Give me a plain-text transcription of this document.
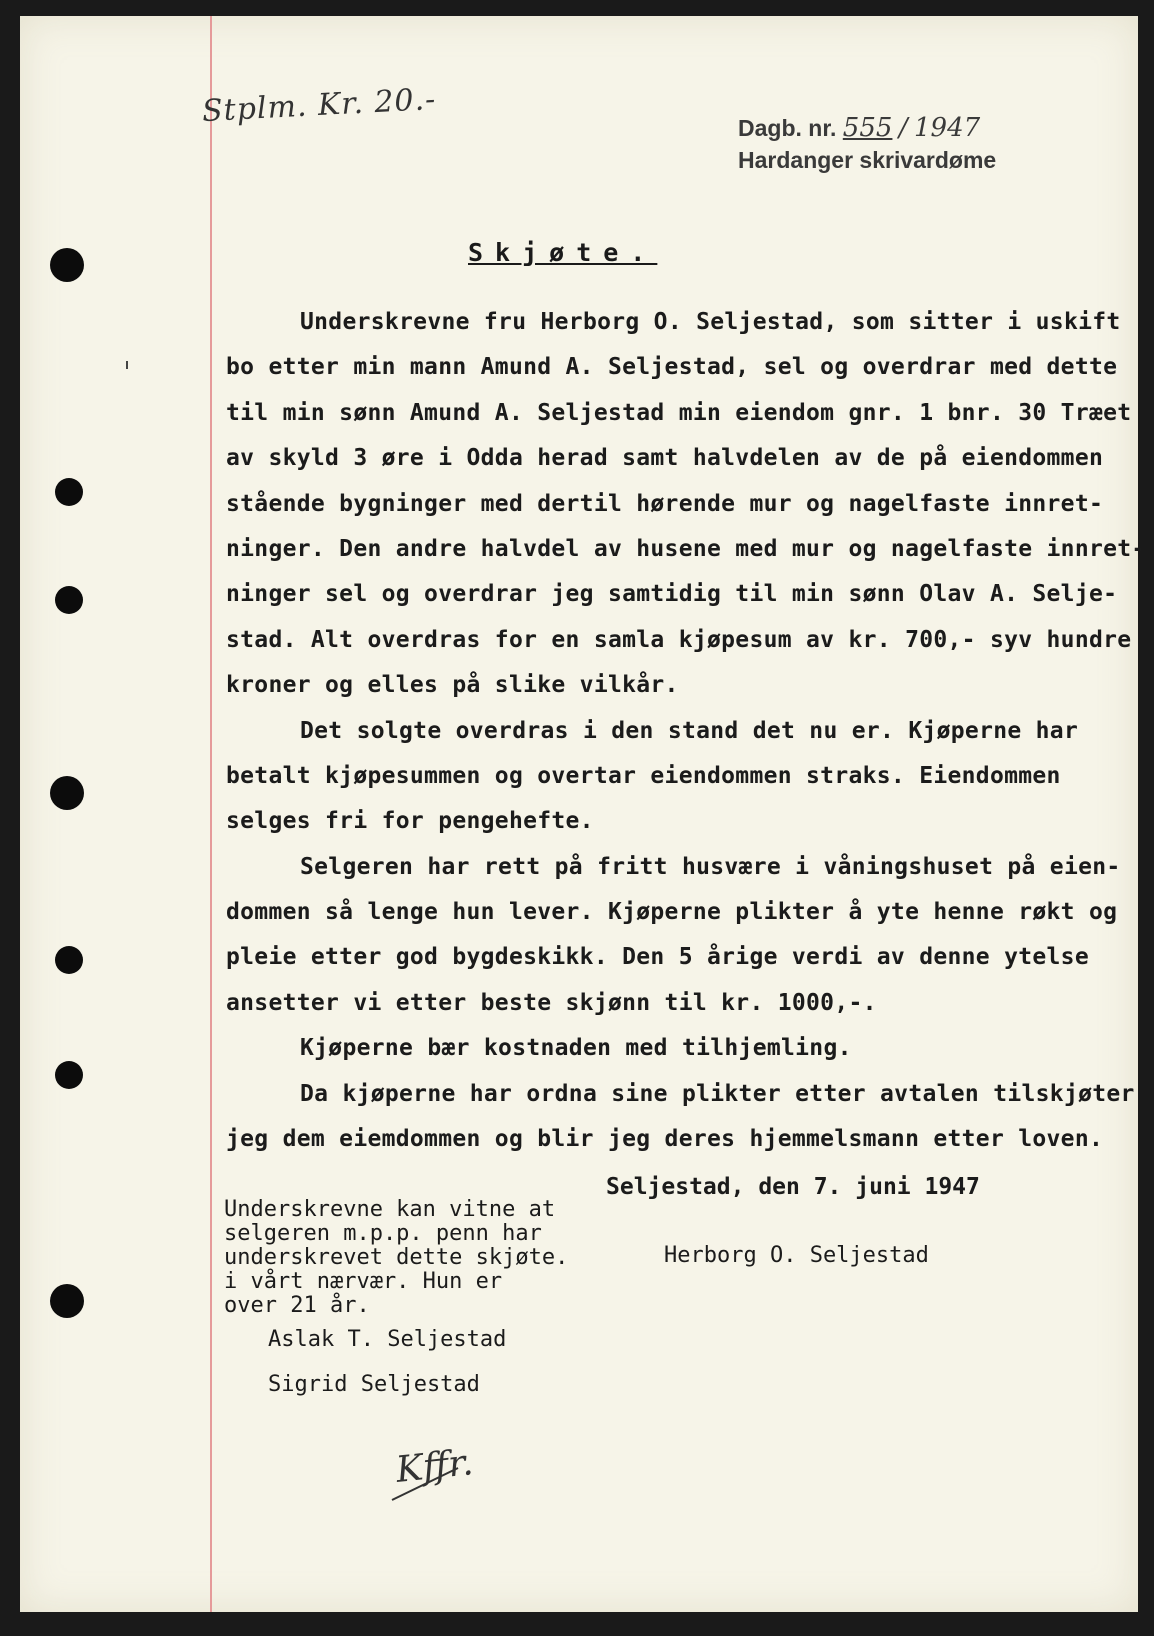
Stplm. Kr. 20.-	Dagb. nr. 555 / 1947
Hardanger skrivardøme
Skjøte.
Underskrevne fru Herborg O. Seljestad, som sitter i uskift
bo etter min mann Amund A. Seljestad, sel og overdrar med dette
til min sønn Amund A. Seljestad min eiendom gnr. 1 bnr. 30 Træet
av skyld 3 øre i Odda herad samt halvdelen av de på eiendommen
stående bygninger med dertil hørende mur og nagelfaste innret-
ninger. Den andre halvdel av husene med mur og nagelfaste innret-
ninger sel og overdrar jeg samtidig til min sønn Olav A. Selje-
stad. Alt overdras for en samla kjøpesum av kr. 700,- syv hundre
kroner og elles på slike vilkår.
Det solgte overdras i den stand det nu er. Kjøperne har
betalt kjøpesummen og overtar eiendommen straks. Eiendommen
selges fri for pengehefte.
Selgeren har rett på fritt husvære i våningshuset på eien-
dommen så lenge hun lever. Kjøperne plikter å yte henne røkt og
pleie etter god bygdeskikk. Den 5 årige verdi av denne ytelse
ansetter vi etter beste skjønn til kr. 1000,-.
Kjøperne bær kostnaden med tilhjemling.
Da kjøperne har ordna sine plikter etter avtalen tilskjøter
jeg dem eiemdommen og blir jeg deres hjemmelsmann etter loven.
Seljestad, den 7. juni 1947
Underskrevne kan vitne at
selgeren m.p.p. penn har
underskrevet dette skjøte.
i vårt nærvær. Hun er
over 21 år.
Herborg O. Seljestad
Aslak T. Seljestad
Sigrid Seljestad
Kffr.
